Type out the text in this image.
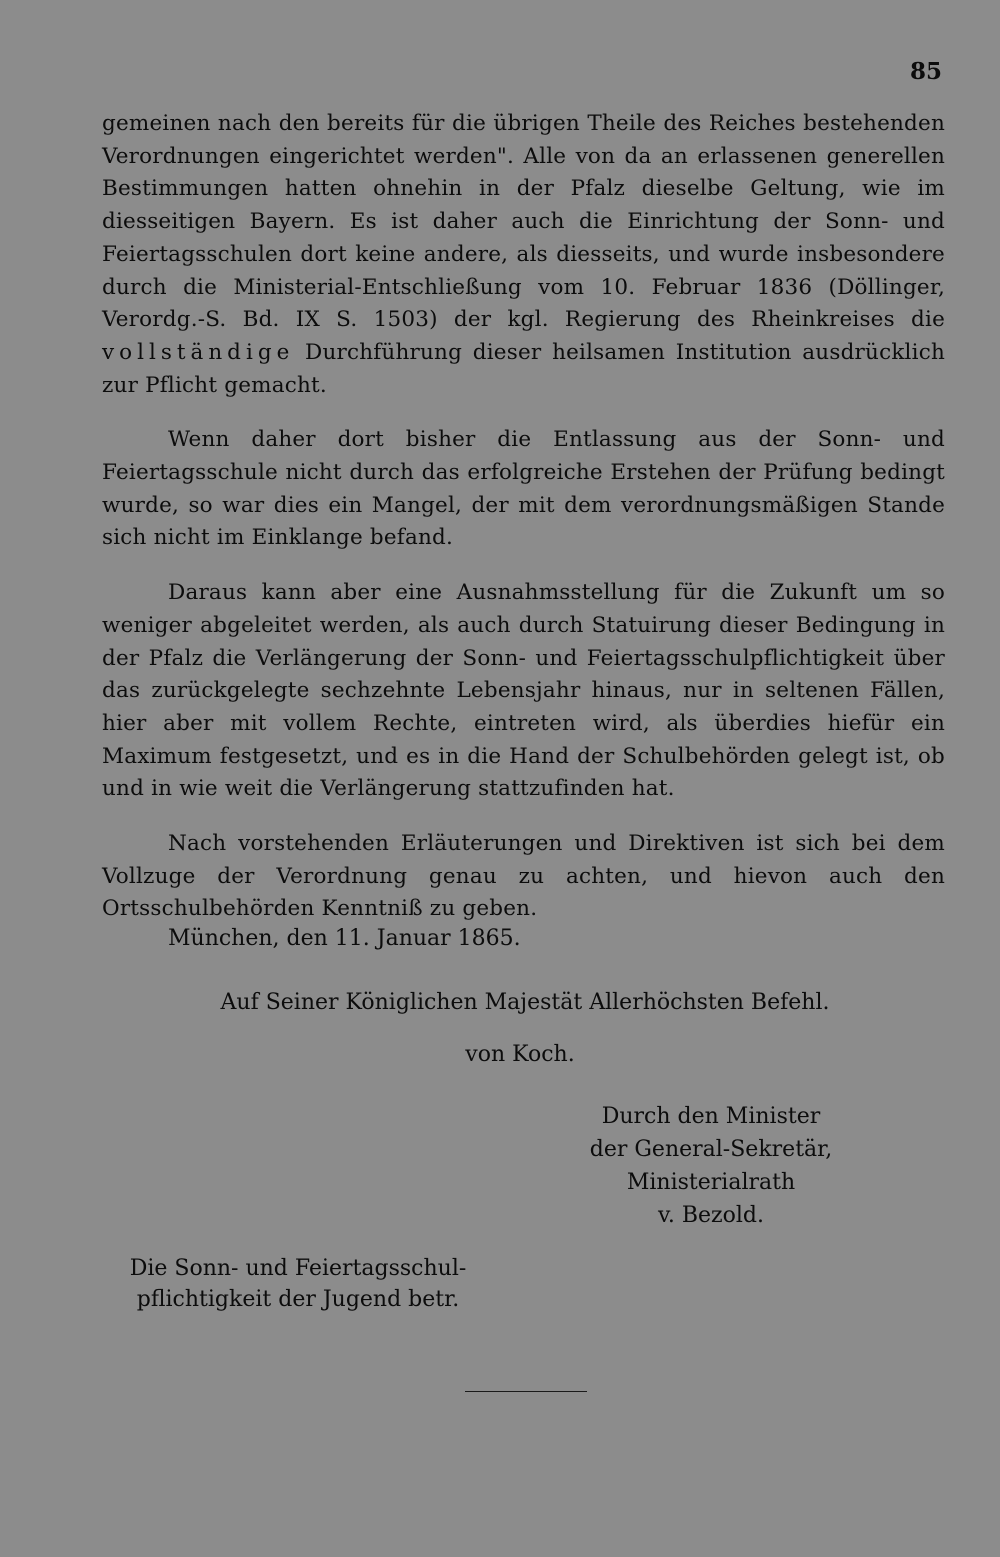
85

gemeinen nach den bereits für die übrigen Theile des Reiches bestehenden Verordnungen eingerichtet werden". Alle von da an erlassenen generellen Bestimmungen hatten ohnehin in der Pfalz dieselbe Geltung, wie im diesseitigen Bayern. Es ist daher auch die Einrichtung der Sonn- und Feiertagsschulen dort keine andere, als diesseits, und wurde insbesondere durch die Ministerial-Entschließung vom 10. Februar 1836 (Döllinger, Verordg.-S. Bd. IX S. 1503) der kgl. Regierung des Rheinkreises die vollständige Durchführung dieser heilsamen Institution ausdrücklich zur Pflicht gemacht.

Wenn daher dort bisher die Entlassung aus der Sonn- und Feiertagsschule nicht durch das erfolgreiche Erstehen der Prüfung bedingt wurde, so war dies ein Mangel, der mit dem verordnungsmäßigen Stande sich nicht im Einklange befand.

Daraus kann aber eine Ausnahmsstellung für die Zukunft um so weniger abgeleitet werden, als auch durch Statuirung dieser Bedingung in der Pfalz die Verlängerung der Sonn- und Feiertagsschulpflichtigkeit über das zurückgelegte sechzehnte Lebensjahr hinaus, nur in seltenen Fällen, hier aber mit vollem Rechte, eintreten wird, als überdies hiefür ein Maximum festgesetzt, und es in die Hand der Schulbehörden gelegt ist, ob und in wie weit die Verlängerung stattzufinden hat.

Nach vorstehenden Erläuterungen und Direktiven ist sich bei dem Vollzuge der Verordnung genau zu achten, und hievon auch den Ortsschulbehörden Kenntniß zu geben.

München, den 11. Januar 1865.
Auf Seiner Königlichen Majestät Allerhöchsten Befehl.
von Koch.
Durch den Minister
der General-Sekretär,
Ministerialrath
v. Bezold.
Die Sonn- und Feiertagsschul-
pflichtigkeit der Jugend betr.
